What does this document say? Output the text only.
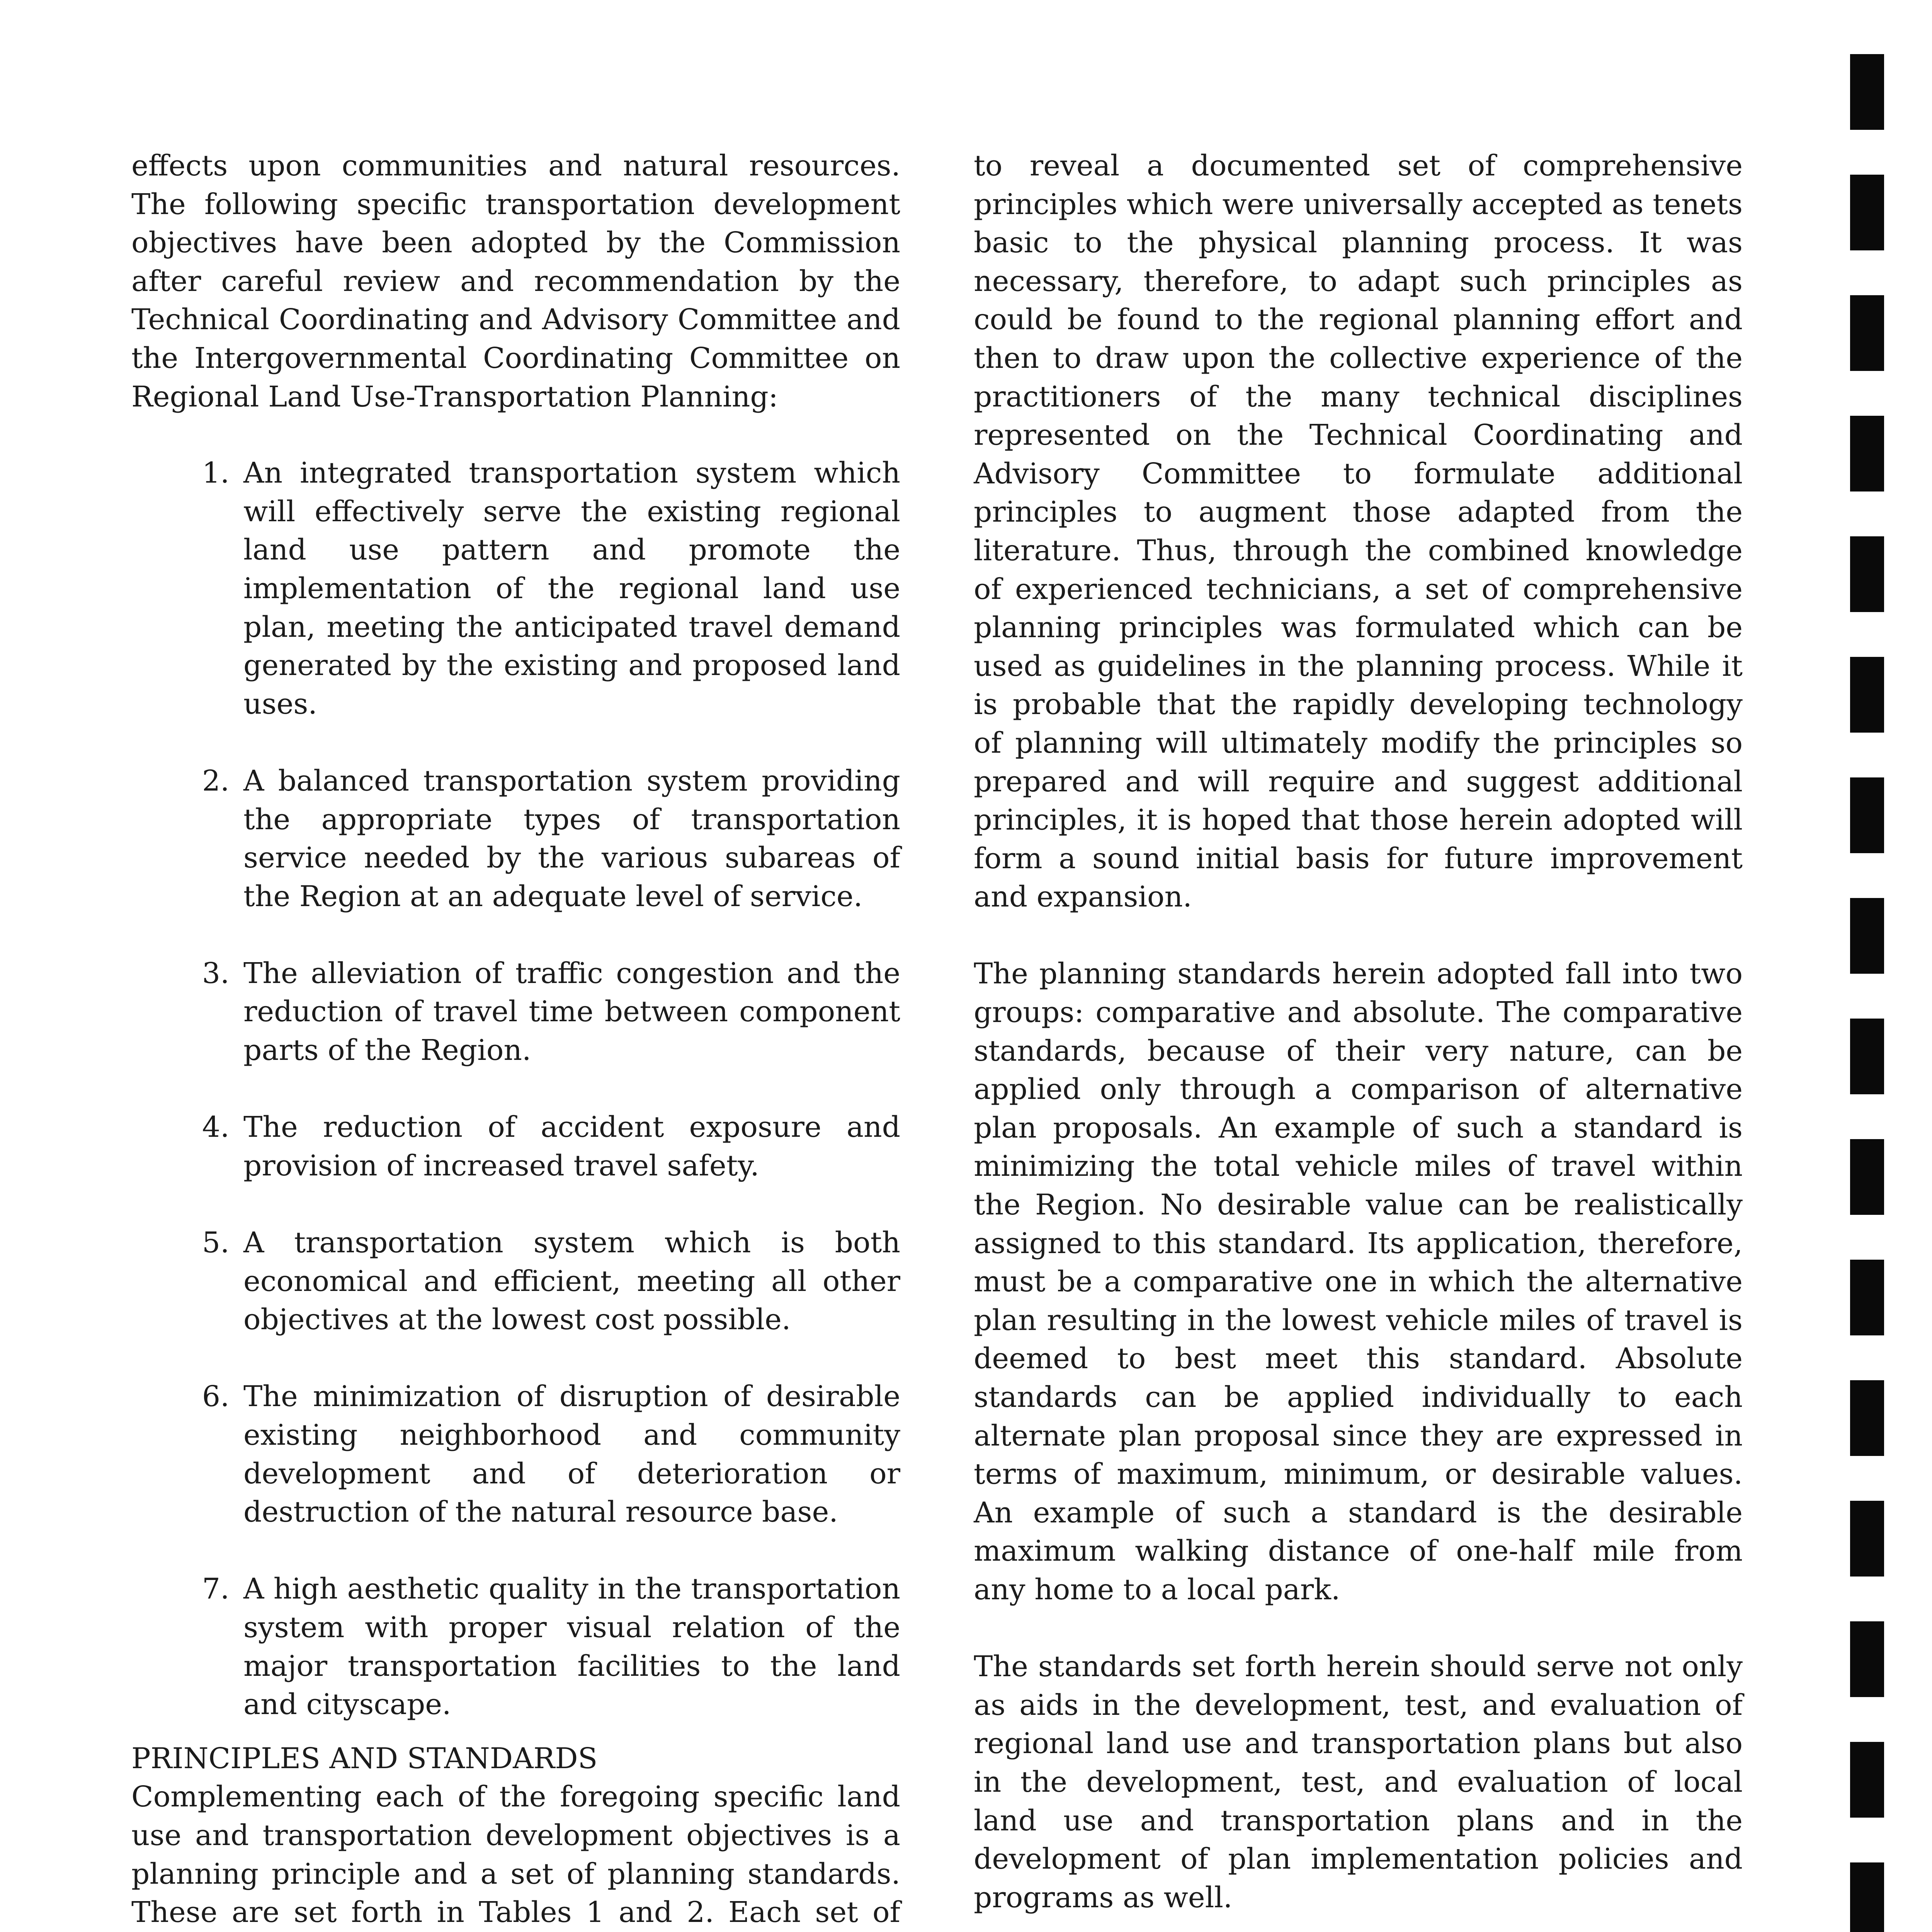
effects upon communities and natural resources. The following specific transportation development objectives have been adopted by the Commission after careful review and recommendation by the Technical Coordinating and Advisory Committee and the Intergovernmental Coordinating Committee on Regional Land Use-Transportation Planning:

1. An integrated transportation system which will effectively serve the existing regional land use pattern and promote the implementation of the regional land use plan, meeting the anticipated travel demand generated by the existing and proposed land uses.
2. A balanced transportation system providing the appropriate types of transportation service needed by the various subareas of the Region at an adequate level of service.
3. The alleviation of traffic congestion and the reduction of travel time between component parts of the Region.
4. The reduction of accident exposure and provision of increased travel safety.
5. A transportation system which is both economical and efficient, meeting all other objectives at the lowest cost possible.
6. The minimization of disruption of desirable existing neighborhood and community development and of deterioration or destruction of the natural resource base.
7. A high aesthetic quality in the transportation system with proper visual relation of the major transportation facilities to the land and cityscape.

PRINCIPLES AND STANDARDS

Complementing each of the foregoing specific land use and transportation development objectives is a planning principle and a set of planning standards. These are set forth in Tables 1 and 2. Each set of

to reveal a documented set of comprehensive principles which were universally accepted as tenets basic to the physical planning process. It was necessary, therefore, to adapt such principles as could be found to the regional planning effort and then to draw upon the collective experience of the practitioners of the many technical disciplines represented on the Technical Coordinating and Advisory Committee to formulate additional principles to augment those adapted from the literature. Thus, through the combined knowledge of experienced technicians, a set of comprehensive planning principles was formulated which can be used as guidelines in the planning process. While it is probable that the rapidly developing technology of planning will ultimately modify the principles so prepared and will require and suggest additional principles, it is hoped that those herein adopted will form a sound initial basis for future improvement and expansion.

The planning standards herein adopted fall into two groups: comparative and absolute. The comparative standards, because of their very nature, can be applied only through a comparison of alternative plan proposals. An example of such a standard is minimizing the total vehicle miles of travel within the Region. No desirable value can be realistically assigned to this standard. Its application, therefore, must be a comparative one in which the alternative plan resulting in the lowest vehicle miles of travel is deemed to best meet this standard. Absolute standards can be applied individually to each alternate plan proposal since they are expressed in terms of maximum, minimum, or desirable values. An example of such a standard is the desirable maximum walking distance of one-half mile from any home to a local park.

The standards set forth herein should serve not only as aids in the development, test, and evaluation of regional land use and transportation plans but also in the development, test, and evaluation of local land use and transportation plans and in the development of plan implementation policies and programs as well.
